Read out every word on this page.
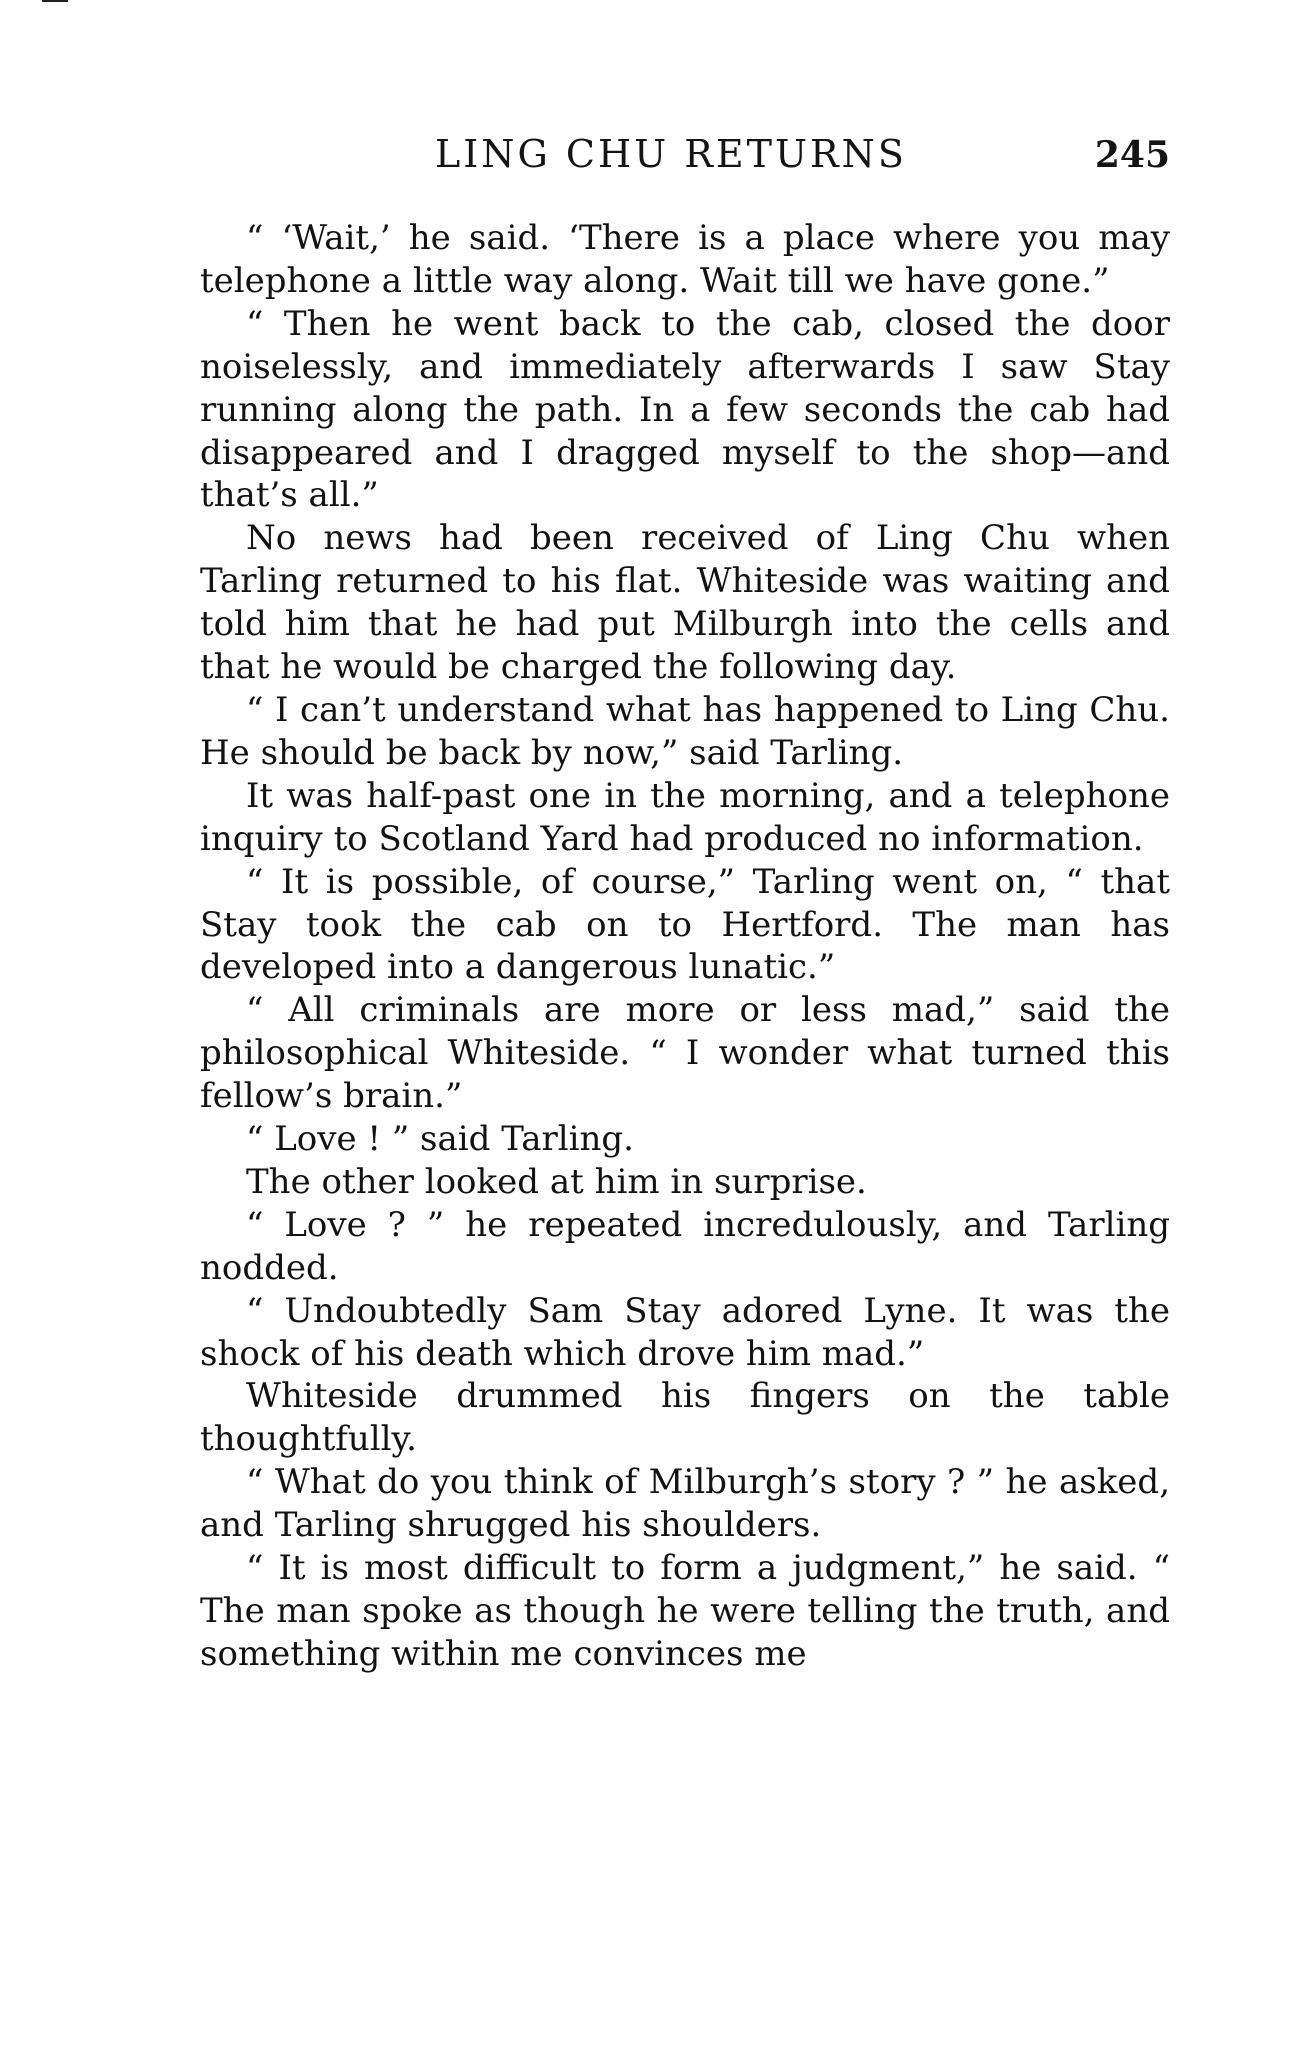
LING CHU RETURNS	245

“ ‘Wait,’ he said. ‘There is a place where you may telephone a little way along. Wait till we have gone.”

“ Then he went back to the cab, closed the door noiselessly, and immediately afterwards I saw Stay running along the path. In a few seconds the cab had disappeared and I dragged myself to the shop—and that’s all.”

No news had been received of Ling Chu when Tarling returned to his flat. Whiteside was waiting and told him that he had put Milburgh into the cells and that he would be charged the following day.

“ I can’t understand what has happened to Ling Chu. He should be back by now,” said Tarling.

It was half-past one in the morning, and a telephone inquiry to Scotland Yard had produced no information.

“ It is possible, of course,” Tarling went on, “ that Stay took the cab on to Hertford. The man has developed into a dangerous lunatic.”

“ All criminals are more or less mad,” said the philosophical Whiteside. “ I wonder what turned this fellow’s brain.”

“ Love ! ” said Tarling.

The other looked at him in surprise.

“ Love ? ” he repeated incredulously, and Tarling nodded.

“ Undoubtedly Sam Stay adored Lyne. It was the shock of his death which drove him mad.”

Whiteside drummed his fingers on the table thoughtfully.

“ What do you think of Milburgh’s story ? ” he asked, and Tarling shrugged his shoulders.

“ It is most difficult to form a judgment,” he said. “ The man spoke as though he were telling the truth, and something within me convinces me
